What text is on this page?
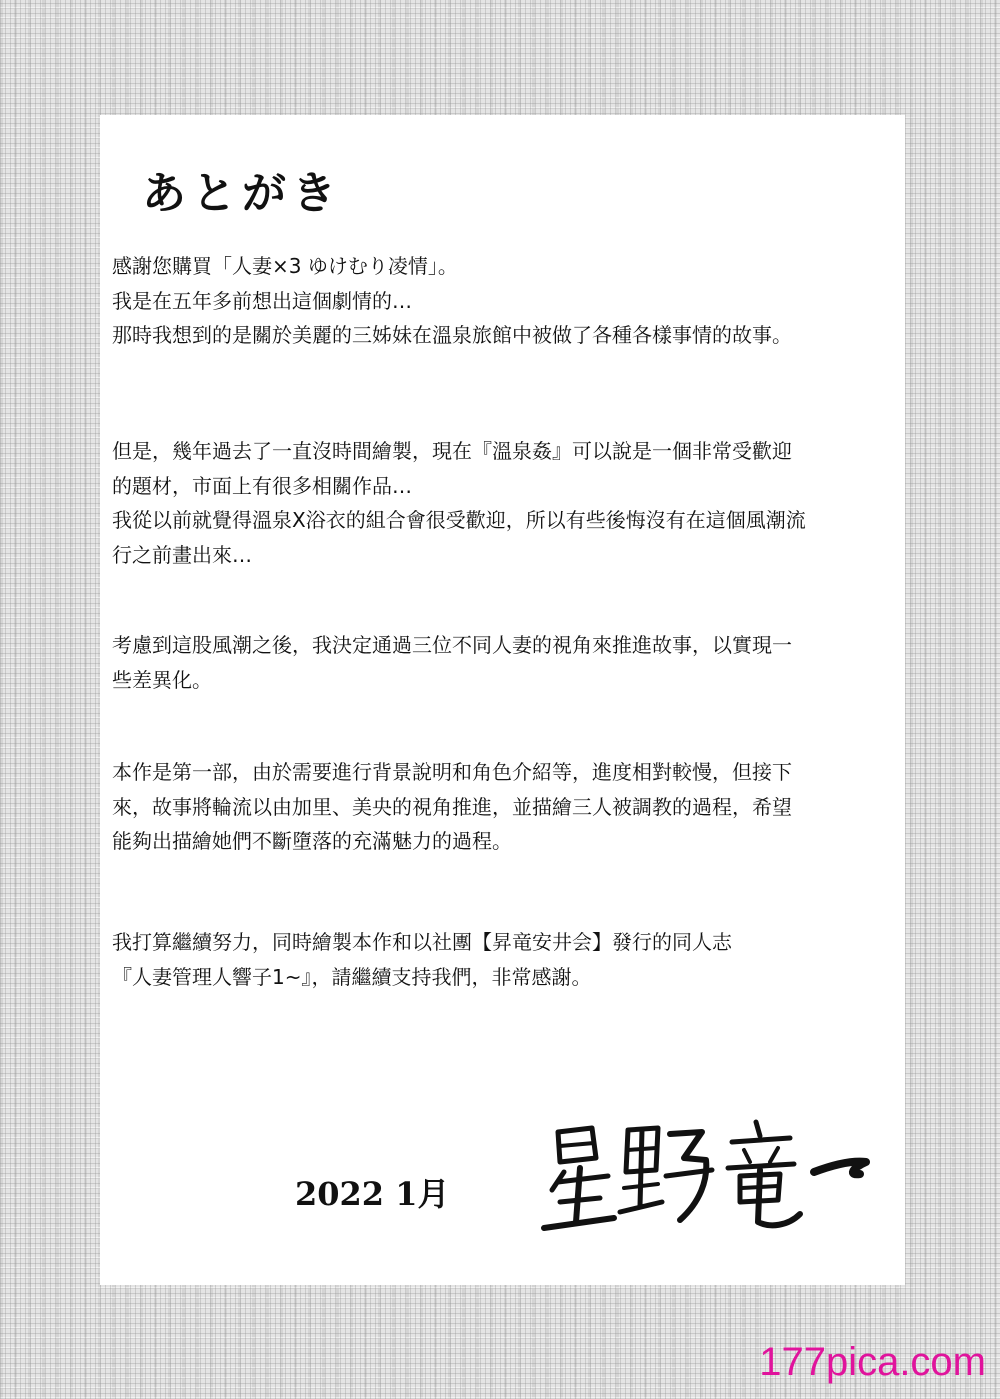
あとがき

感謝您購買「人妻×3 ゆけむり凌情」。
我是在五年多前想出這個劇情的…
那時我想到的是關於美麗的三姊妹在溫泉旅館中被做了各種各樣事情的故事。

但是，幾年過去了一直沒時間繪製，現在『溫泉姦』可以說是一個非常受歡迎
的題材，市面上有很多相關作品…
我從以前就覺得溫泉X浴衣的組合會很受歡迎，所以有些後悔沒有在這個風潮流
行之前畫出來…

考慮到這股風潮之後，我決定通過三位不同人妻的視角來推進故事，以實現一
些差異化。

本作是第一部，由於需要進行背景說明和角色介紹等，進度相對較慢，但接下
來，故事將輪流以由加里、美央的視角推進，並描繪三人被調教的過程，希望
能夠出描繪她們不斷墮落的充滿魅力的過程。

我打算繼續努力，同時繪製本作和以社團【昇竜安井会】發行的同人志
『人妻管理人響子1~』，請繼續支持我們，非常感謝。

2022 1月
177pica.com
